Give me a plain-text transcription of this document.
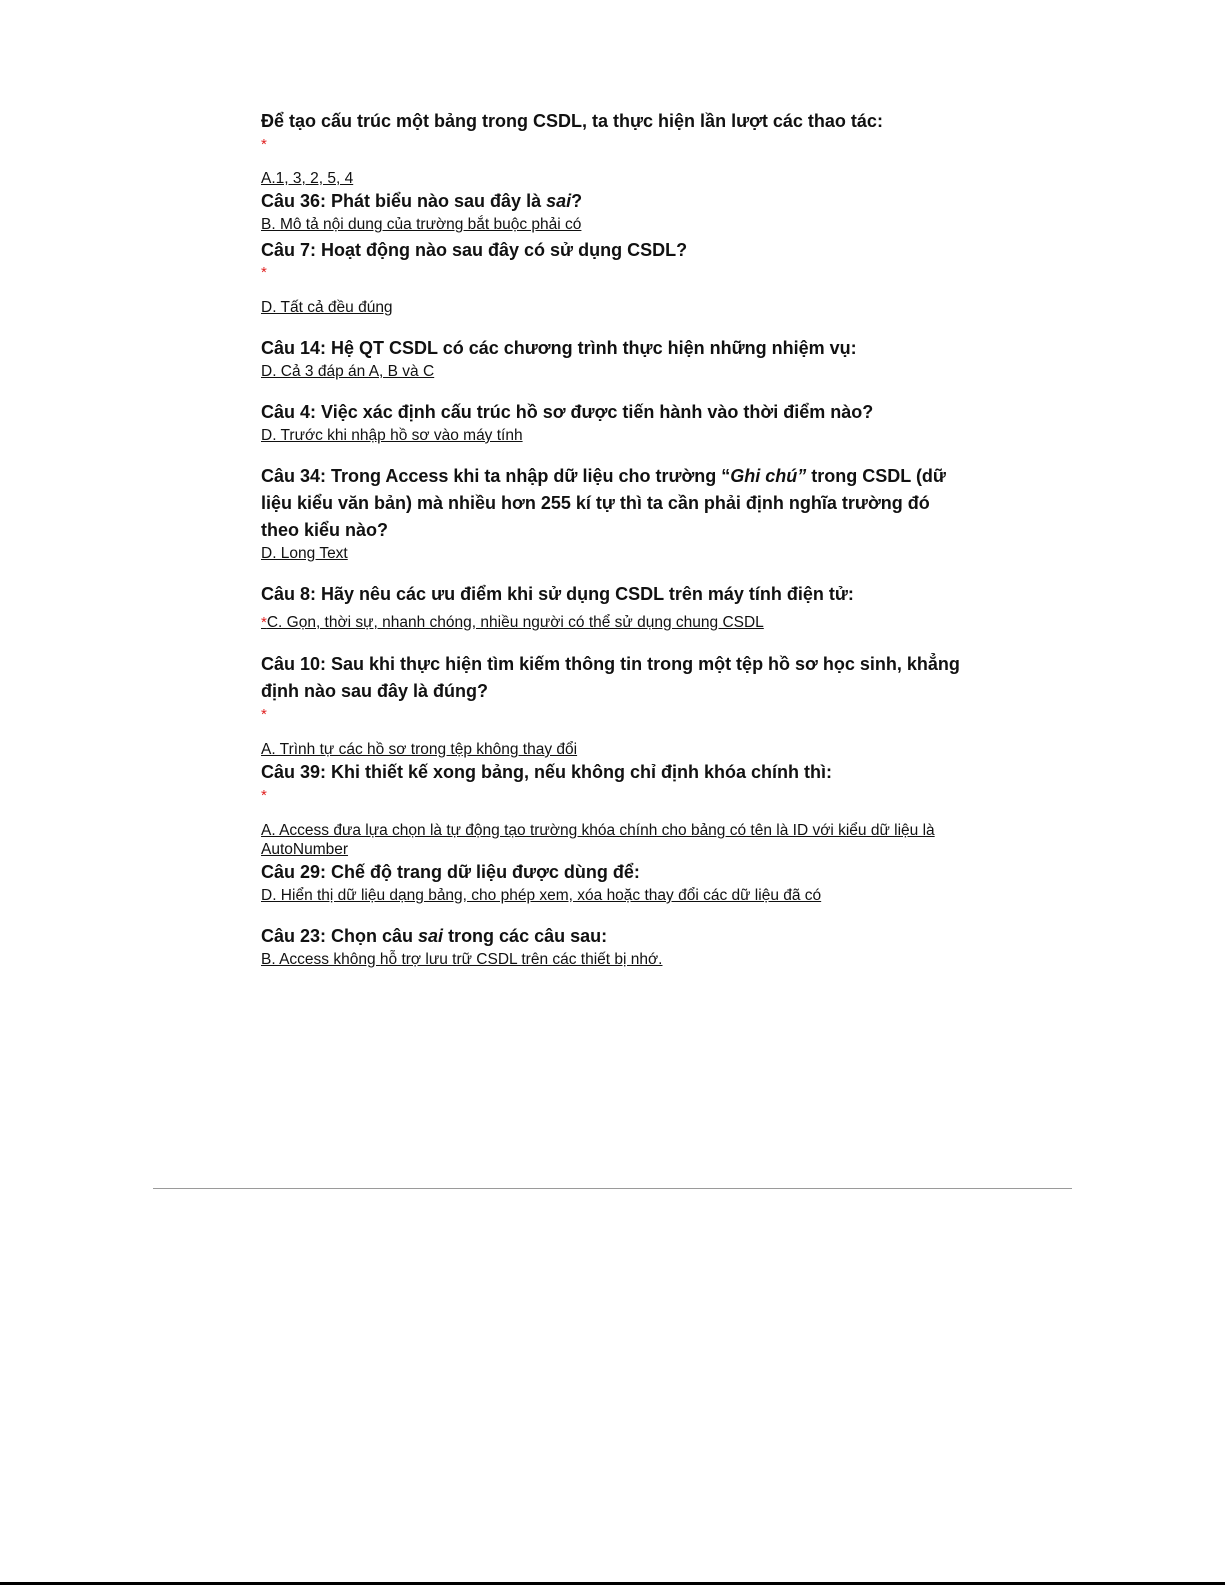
Để tạo cấu trúc một bảng trong CSDL, ta thực hiện lần lượt các thao tác:

*

A.1, 3, 2, 5, 4

Câu 36: Phát biểu nào sau đây là sai?

B. Mô tả nội dung của trường bắt buộc phải có

Câu 7: Hoạt động nào sau đây có sử dụng CSDL?

*

D. Tất cả đều đúng

Câu 14: Hệ QT CSDL có các chương trình thực hiện những nhiệm vụ:

D. Cả 3 đáp án A, B và C

Câu 4: Việc xác định cấu trúc hồ sơ được tiến hành vào thời điểm nào?

D. Trước khi nhập hồ sơ vào máy tính

Câu 34: Trong Access khi ta nhập dữ liệu cho trường “Ghi chú” trong CSDL (dữ liệu kiểu văn bản) mà nhiều hơn 255 kí tự thì ta cần phải định nghĩa trường đó theo kiểu nào?

D. Long Text

Câu 8: Hãy nêu các ưu điểm khi sử dụng CSDL trên máy tính điện tử:

*C. Gọn, thời sự, nhanh chóng, nhiều người có thể sử dụng chung CSDL

Câu 10: Sau khi thực hiện tìm kiếm thông tin trong một tệp hồ sơ học sinh, khẳng định nào sau đây là đúng?

*

A. Trình tự các hồ sơ trong tệp không thay đổi

Câu 39: Khi thiết kế xong bảng, nếu không chỉ định khóa chính thì:

*

A. Access đưa lựa chọn là tự động tạo trường khóa chính cho bảng có tên là ID với kiểu dữ liệu là AutoNumber

Câu 29: Chế độ trang dữ liệu được dùng để:

D. Hiển thị dữ liệu dạng bảng, cho phép xem, xóa hoặc thay đổi các dữ liệu đã có

Câu 23: Chọn câu sai trong các câu sau:

B. Access không hỗ trợ lưu trữ CSDL trên các thiết bị nhớ.
